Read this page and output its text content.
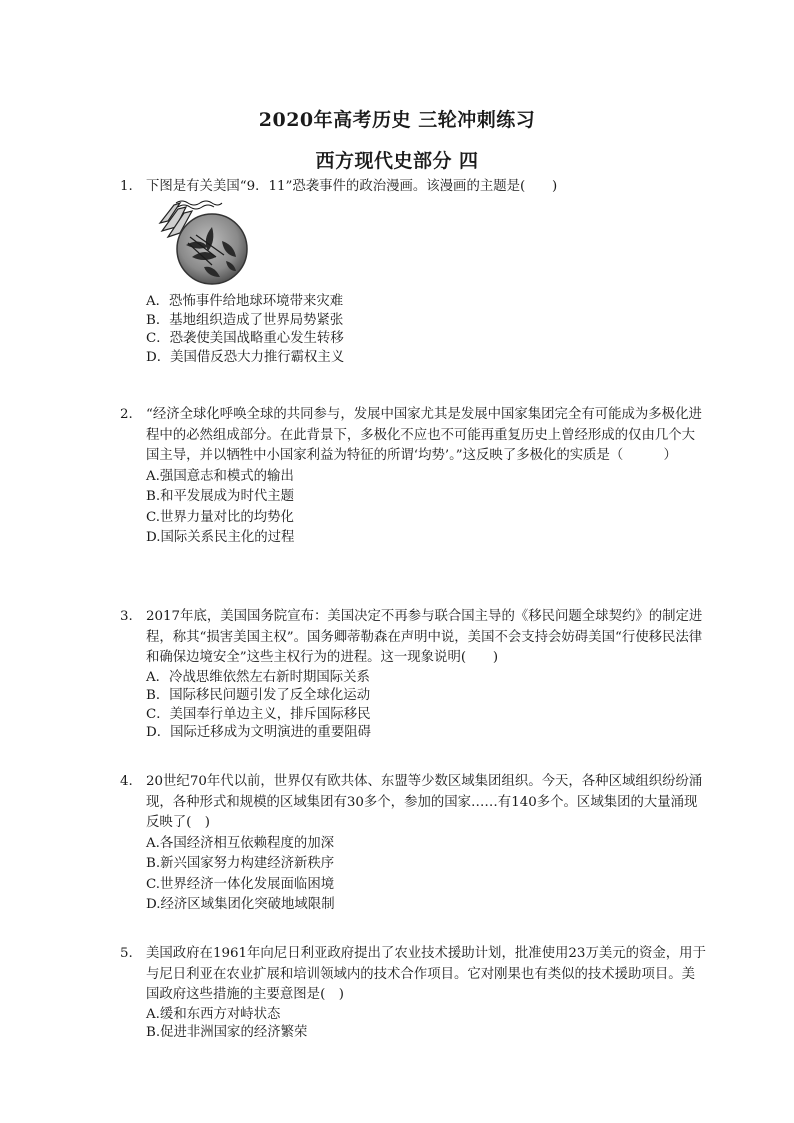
2020年高考历史 三轮冲刺练习
西方现代史部分 四

1. 下图是有关美国“9．11”恐袭事件的政治漫画。该漫画的主题是(　　)

A．恐怖事件给地球环境带来灾难
B．基地组织造成了世界局势紧张
C．恐袭使美国战略重心发生转移
D．美国借反恐大力推行霸权主义

2. “经济全球化呼唤全球的共同参与，发展中国家尤其是发展中国家集团完全有可能成为多极化进程中的必然组成部分。在此背景下，多极化不应也不可能再重复历史上曾经形成的仅由几个大国主导，并以牺牲中小国家利益为特征的所谓‘均势’。”这反映了多极化的实质是（　　　）

A.强国意志和模式的输出
B.和平发展成为时代主题
C.世界力量对比的均势化
D.国际关系民主化的过程

3. 2017年底，美国国务院宣布：美国决定不再参与联合国主导的《移民问题全球契约》的制定进程，称其“损害美国主权”。国务卿蒂勒森在声明中说，美国不会支持会妨碍美国“行使移民法律和确保边境安全”这些主权行为的进程。这一现象说明(　　)

A．冷战思维依然左右新时期国际关系
B．国际移民问题引发了反全球化运动
C．美国奉行单边主义，排斥国际移民
D．国际迁移成为文明演进的重要阻碍

4. 20世纪70年代以前，世界仅有欧共体、东盟等少数区域集团组织。今天，各种区域组织纷纷涌现，各种形式和规模的区域集团有30多个，参加的国家……有140多个。区域集团的大量涌现反映了(　)

A.各国经济相互依赖程度的加深
B.新兴国家努力构建经济新秩序
C.世界经济一体化发展面临困境
D.经济区域集团化突破地域限制

5. 美国政府在1961年向尼日利亚政府提出了农业技术援助计划，批准使用23万美元的资金，用于与尼日利亚在农业扩展和培训领域内的技术合作项目。它对刚果也有类似的技术援助项目。美国政府这些措施的主要意图是(　)

A.缓和东西方对峙状态
B.促进非洲国家的经济繁荣
